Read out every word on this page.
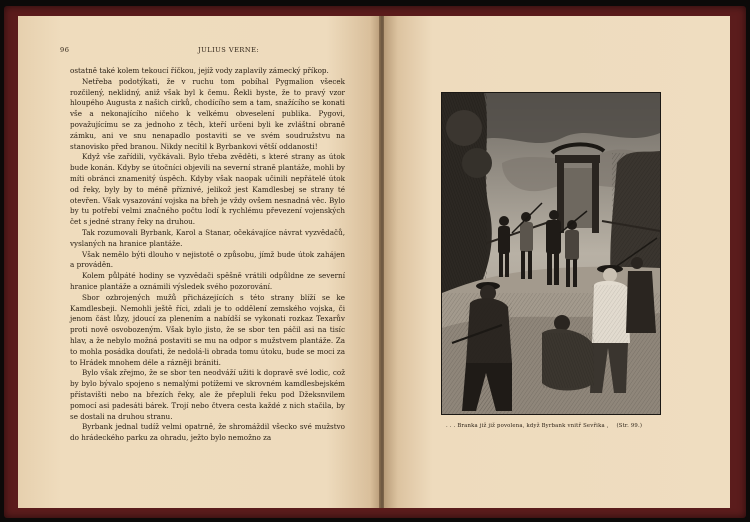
96	JULIUS VERNE:

ostatně také kolem tekoucí říčkou, jejíž vody zaplavily zámecký příkop.

Netřeba podotýkati, že v ruchu tom pobíhal Pygmalion všecek rozčilený, neklidný, aniž však byl k čemu. Řekli byste, že to pravý vzor hloupého Augusta z našich cirků, chodícího sem a tam, snažícího se konati vše a nekonajícího ničeho k velkému obveselení publika. Pygovi, považujícímu se za jednoho z těch, kteří určeni byli ke zvláštní obraně zámku, ani ve snu nenapadlo postaviti se ve svém soudružstvu na stanovisko před branou. Nikdy necítil k Byrbankovi větší oddanosti!

Když vše zařídili, vyčkávali. Bylo třeba zvěděti, s které strany as útok bude konán. Kdyby se útočníci objevili na severní straně plantáže, mohli by míti obránci znamenitý úspěch. Kdyby však naopak učinili nepřátelé útok od řeky, byly by to méně příznivé, jelikož jest Kamdlesbej se strany té otevřen. Však vysazování vojska na břeh je vždy ovšem nesnadná věc. Bylo by tu potřebí velmi značného počtu lodí k rychlému převezení vojenských čet s jedné strany řeky na druhou.

Tak rozumovali Byrbank, Karol a Stanar, očekávajíce návrat vyzvědačů, vyslaných na hranice plantáže.

Však nemělo býti dlouho v nejistotě o způsobu, jímž bude útok zahájen a prováděn.

Kolem půlpáté hodiny se vyzvědači spěšně vrátili odpůldne ze severní hranice plantáže a oznámili výsledek svého pozorování.

Sbor ozbrojených mužů přicházejících s této strany blíží se ke Kamdlesbeji. Nemohli ještě říci, zdali je to oddělení zemského vojska, či jenom část lůzy, jdoucí za plenením a nabídší se vykonati rozkaz Texarův proti nově osvobozeným. Však bylo jisto, že se sbor ten páčil asi na tisíc hlav, a že nebylo možná postaviti se mu na odpor s mužstvem plantáže. Za to mohla posádka doufati, že nedolá-li obrada tomu útoku, bude se moci za to Hrádek mnohem déle a rázněji brániti.

Bylo však zřejmo, že se sbor ten neodváží užiti k dopravě své lodic, což by bylo bývalo spojeno s nemalými potížemi ve skrovném kamdlesbejském přístavišti nebo na březích řeky, ale že přepluli řeku pod Džeksnvilem pomocí asi padesáti bárek. Trojí nebo čtvera cesta každé z nich stačila, by se dostali na druhou stranu.

Byrbank jednal tudíž velmi opatrně, že shromáždil všecko své mužstvo do hrádeckého parku za ohradu, ježto bylo nemožno za

. . . Branka již již povolena, když Byrbank vnitř Sevřika , (Str. 99.)
